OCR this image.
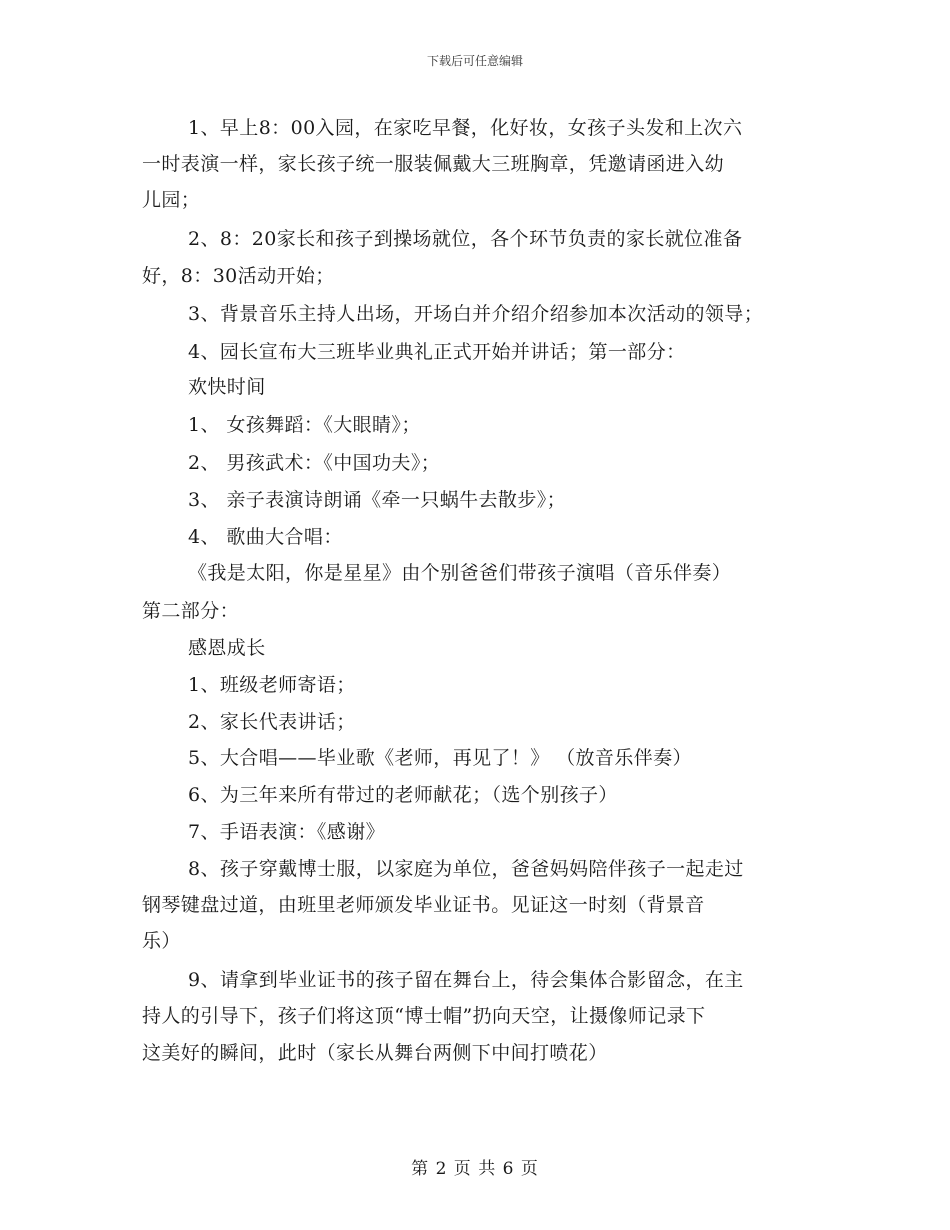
下载后可任意编辑
1、早上8：00入园，在家吃早餐，化好妆，女孩子头发和上次六
一时表演一样，家长孩子统一服装佩戴大三班胸章，凭邀请函进入幼
儿园；
2、8：20家长和孩子到操场就位，各个环节负责的家长就位准备
好，8：30活动开始；
3、背景音乐主持人出场，开场白并介绍介绍参加本次活动的领导；
4、园长宣布大三班毕业典礼正式开始并讲话；第一部分：
欢快时间
1、 女孩舞蹈：《大眼睛》；
2、 男孩武术：《中国功夫》；
3、 亲子表演诗朗诵《牵一只蜗牛去散步》；
4、 歌曲大合唱：
《我是太阳，你是星星》由个别爸爸们带孩子演唱（音乐伴奏）
第二部分：
感恩成长
1、班级老师寄语；
2、家长代表讲话；
5、大合唱——毕业歌《老师，再见了！》 （放音乐伴奏）
6、为三年来所有带过的老师献花；（选个别孩子）
7、手语表演：《感谢》
8、孩子穿戴博士服，以家庭为单位，爸爸妈妈陪伴孩子一起走过
钢琴键盘过道，由班里老师颁发毕业证书。见证这一时刻（背景音
乐）
9、请拿到毕业证书的孩子留在舞台上，待会集体合影留念，在主
持人的引导下，孩子们将这顶“博士帽”扔向天空，让摄像师记录下
这美好的瞬间，此时（家长从舞台两侧下中间打喷花）
第 2 页 共 6 页
